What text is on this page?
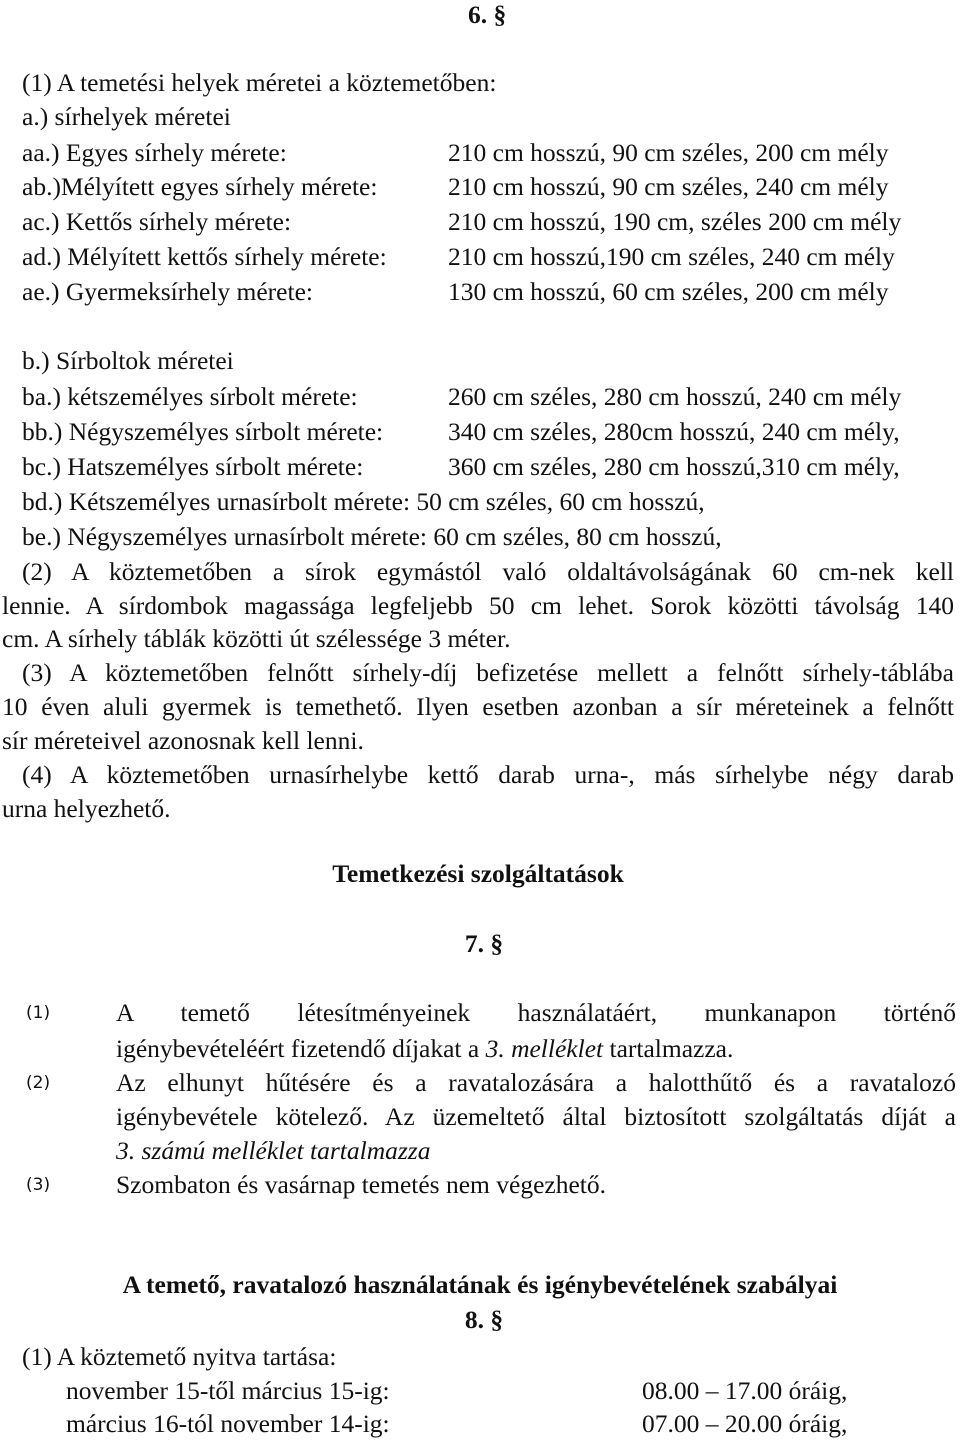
6. §
(1) A temetési helyek méretei a köztemetőben:
a.) sírhelyek méretei
aa.) Egyes sírhely mérete:	210 cm hosszú, 90 cm széles, 200 cm mély
ab.)Mélyített egyes sírhely mérete:	210 cm hosszú, 90 cm széles, 240 cm mély
ac.) Kettős sírhely mérete:	210 cm hosszú, 190 cm, széles 200 cm mély
ad.) Mélyített kettős sírhely mérete: 210 cm hosszú,190 cm széles, 240 cm mély
ae.) Gyermeksírhely mérete:	130 cm hosszú, 60 cm széles, 200 cm mély
b.) Sírboltok méretei
ba.) kétszemélyes sírbolt mérete:	260 cm széles, 280 cm hosszú, 240 cm mély
bb.) Négyszemélyes sírbolt mérete:	340 cm széles, 280cm hosszú, 240 cm mély,
bc.) Hatszemélyes sírbolt mérete:	360 cm széles, 280 cm hosszú,310 cm mély,
bd.) Kétszemélyes urnasírbolt mérete: 50 cm széles, 60 cm hosszú,
be.) Négyszemélyes urnasírbolt mérete: 60 cm széles, 80 cm hosszú,
(2) A köztemetőben a sírok egymástól való oldaltávolságának 60 cm-nek kell
lennie. A sírdombok magassága legfeljebb 50 cm lehet. Sorok közötti távolság 140
cm. A sírhely táblák közötti út szélessége 3 méter.
(3) A köztemetőben felnőtt sírhely-díj befizetése mellett a felnőtt sírhely-táblába
10 éven aluli gyermek is temethető. Ilyen esetben azonban a sír méreteinek a felnőtt
sír méreteivel azonosnak kell lenni.
(4) A köztemetőben urnasírhelybe kettő darab urna-, más sírhelybe négy darab
urna helyezhető.
Temetkezési szolgáltatások
7. §
(1)	A temető létesítményeinek használatáért, munkanapon történő
igénybevételéért fizetendő díjakat a 3. melléklet tartalmazza.
(2)	Az elhunyt hűtésére és a ravatalozására a halotthűtő és a ravatalozó
igénybevétele kötelező. Az üzemeltető által biztosított szolgáltatás díját a
3. számú melléklet tartalmazza
(3)	Szombaton és vasárnap temetés nem végezhető.
A temető, ravatalozó használatának és igénybevételének szabályai
8. §
(1) A köztemető nyitva tartása:
november 15-től március 15-ig:	08.00 – 17.00 óráig,
március 16-tól november 14-ig:	07.00 – 20.00 óráig,
